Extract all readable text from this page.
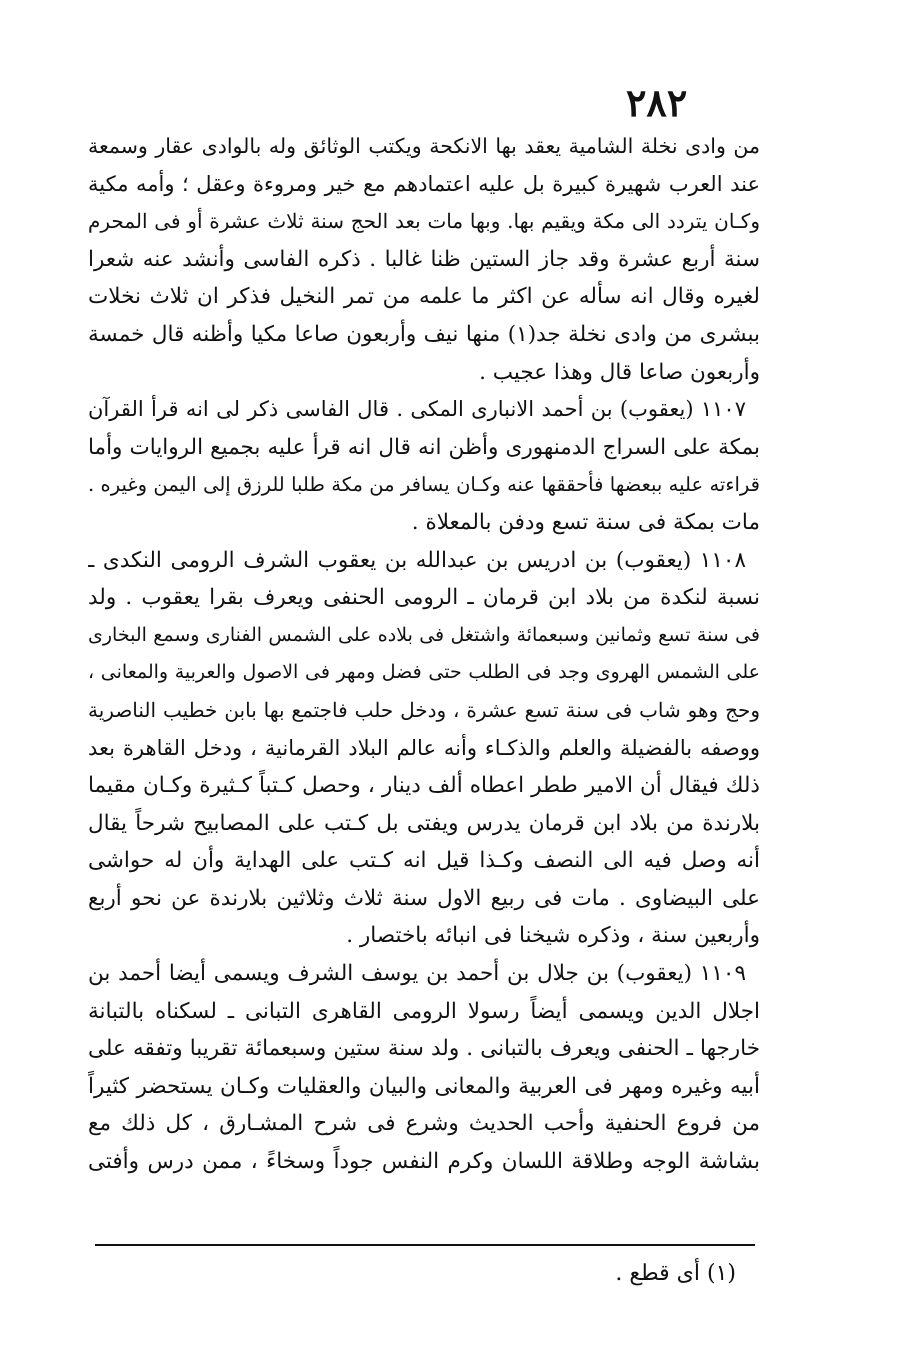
٢٨٢
من وادى نخلة الشامية يعقد بها الانكحة ويكتب الوثائق وله بالوادى عقار وسمعة
عند العرب شهيرة كبيرة بل عليه اعتمادهم مع خير ومروءة وعقل ؛ وأمه مكية
وكـان يتردد الى مكة ويقيم بها. وبها مات بعد الحج سنة ثلاث عشرة أو فى المحرم
سنة أربع عشرة وقد جاز الستين ظنا غالبا . ذكره الفاسى وأنشد عنه شعرا
لغيره وقال انه سأله عن اكثر ما علمه من تمر النخيل فذكر ان ثلاث نخلات
ببشرى من وادى نخلة جد(١) منها نيف وأربعون صاعا مكيا وأظنه قال خمسة
وأربعون صاعا قال وهذا عجيب .
١١٠٧ (يعقوب) بن أحمد الانبارى المكى . قال الفاسى ذكر لى انه قرأ القرآن
بمكة على السراج الدمنهورى وأظن انه قال انه قرأ عليه بجميع الروايات وأما
قراءته عليه ببعضها فأحققها عنه وكـان يسافر من مكة طلبا للرزق إلى اليمن وغيره .
مات بمكة فى سنة تسع ودفن بالمعلاة .
١١٠٨ (يعقوب) بن ادريس بن عبدالله بن يعقوب الشرف الرومى النكدى ـ
نسبة لنكدة من بلاد ابن قرمان ـ الرومى الحنفى ويعرف بقرا يعقوب . ولد
فى سنة تسع وثمانين وسبعمائة واشتغل فى بلاده على الشمس الفنارى وسمع البخارى
على الشمس الهروى وجد فى الطلب حتى فضل ومهر فى الاصول والعربية والمعانى ،
وحج وهو شاب فى سنة تسع عشرة ، ودخل حلب فاجتمع بها بابن خطيب الناصرية
ووصفه بالفضيلة والعلم والذكـاء وأنه عالم البلاد القرمانية ، ودخل القاهرة بعد
ذلك فيقال أن الامير ططر اعطاه ألف دينار ، وحصل كـتباً كـثيرة وكـان مقيما
بلارندة من بلاد ابن قرمان يدرس ويفتى بل كـتب على المصابيح شرحاً يقال
أنه وصل فيه الى النصف وكـذا قيل انه كـتب على الهداية وأن له حواشى
على البيضاوى . مات فى ربيع الاول سنة ثلاث وثلاثين بلارندة عن نحو أربع
وأربعين سنة ، وذكره شيخنا فى انبائه باختصار .
١١٠٩ (يعقوب) بن جلال بن أحمد بن يوسف الشرف ويسمى أيضا أحمد بن
اجلال الدين ويسمى أيضاً رسولا الرومى القاهرى التبانى ـ لسكناه بالتبانة
خارجها ـ الحنفى ويعرف بالتبانى . ولد سنة ستين وسبعمائة تقريبا وتفقه على
أبيه وغيره ومهر فى العربية والمعانى والبيان والعقليات وكـان يستحضر كثيراً
من فروع الحنفية وأحب الحديث وشرع فى شرح المشـارق ، كل ذلك مع
بشاشة الوجه وطلاقة اللسان وكرم النفس جوداً وسخاءً ، ممن درس وأفتى
(١) أى قطع .
